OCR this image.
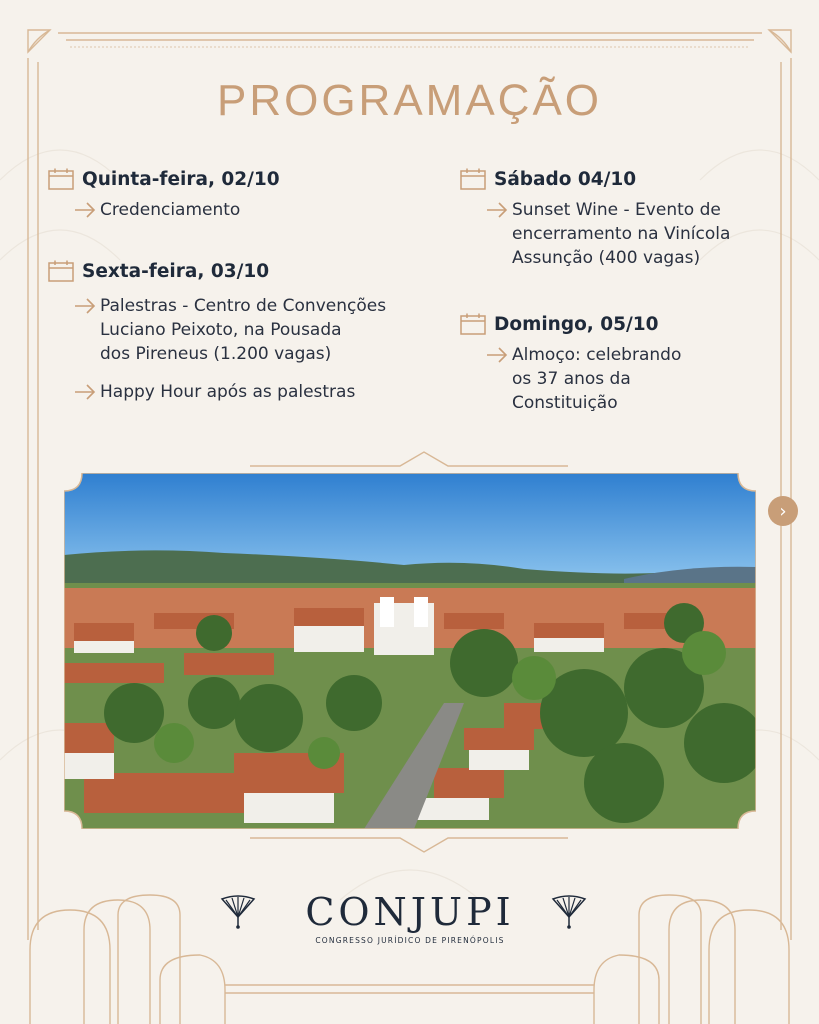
PROGRAMAÇÃO
Quinta-feira, 02/10
Credenciamento
Sexta-feira, 03/10
Palestras - Centro de Convenções
Luciano Peixoto, na Pousada
dos Pireneus (1.200 vagas)
Happy Hour após as palestras
Sábado 04/10
Sunset Wine - Evento de
encerramento na Vinícola
Assunção (400 vagas)
Domingo, 05/10
Almoço: celebrando
os 37 anos da
Constituição
›
CONJUPI
CONGRESSO JURÍDICO DE PIRENÓPOLIS
